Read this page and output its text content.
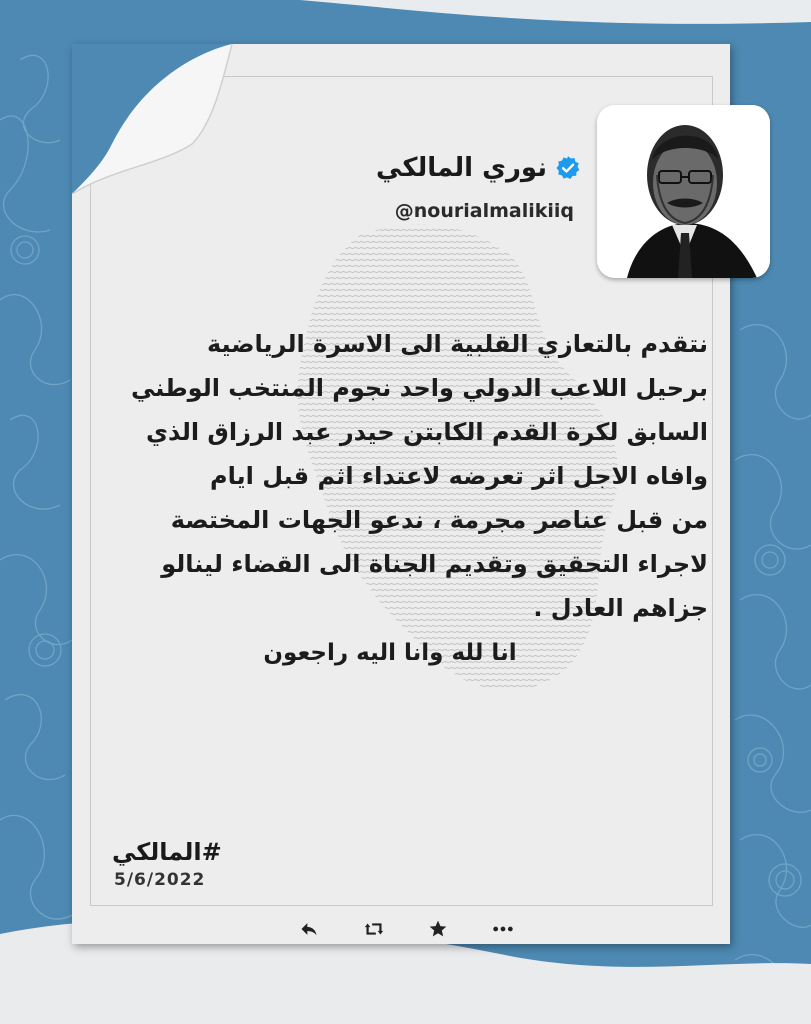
نوري المالكي
@nourialmalikiiq
نتقدم بالتعازي القلبية الى الاسرة الرياضية
برحيل اللاعب الدولي واحد نجوم المنتخب الوطني
السابق لكرة القدم الكابتن حيدر عبد الرزاق الذي
وافاه الاجل اثر تعرضه لاعتداء اثم قبل ايام
من قبل عناصر مجرمة ، ندعو الجهات المختصة
لاجراء التحقيق وتقديم الجناة الى القضاء لينالو
جزاهم العادل .
انا لله وانا اليه راجعون
#المالكي
5/6/2022
